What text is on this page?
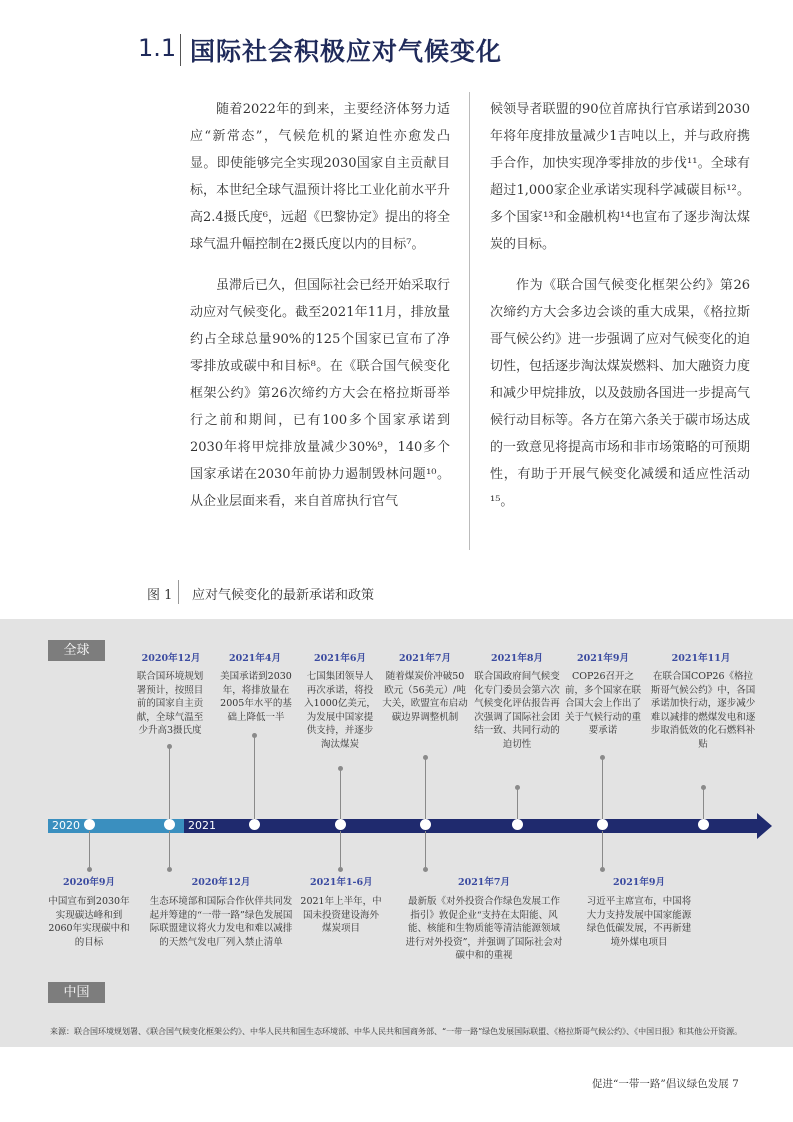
1.1 国际社会积极应对气候变化

随着2022年的到来，主要经济体努力适应“新常态”，气候危机的紧迫性亦愈发凸显。即使能够完全实现2030国家自主贡献目标，本世纪全球气温预计将比工业化前水平升高2.4摄氏度⁶，远超《巴黎协定》提出的将全球气温升幅控制在2摄氏度以内的目标⁷。

虽滞后已久，但国际社会已经开始采取行动应对气候变化。截至2021年11月，排放量约占全球总量90%的125个国家已宣布了净零排放或碳中和目标⁸。在《联合国气候变化框架公约》第26次缔约方大会在格拉斯哥举行之前和期间，已有100多个国家承诺到2030年将甲烷排放量减少30%⁹，140多个国家承诺在2030年前协力遏制毁林问题¹⁰。从企业层面来看，来自首席执行官气

候领导者联盟的90位首席执行官承诺到2030年将年度排放量减少1吉吨以上，并与政府携手合作，加快实现净零排放的步伐¹¹。全球有超过1,000家企业承诺实现科学减碳目标¹²。多个国家¹³和金融机构¹⁴也宣布了逐步淘汰煤炭的目标。

作为《联合国气候变化框架公约》第26次缔约方大会多边会谈的重大成果，《格拉斯哥气候公约》进一步强调了应对气候变化的迫切性，包括逐步淘汰煤炭燃料、加大融资力度和减少甲烷排放，以及鼓励各国进一步提高气候行动目标等。各方在第六条关于碳市场达成的一致意见将提高市场和非市场策略的可预期性，有助于开展气候变化减缓和适应性活动¹⁵。

图 1 应对气候变化的最新承诺和政策
全球
中国
2020年12月
联合国环境规划署预计，按照目前的国家自主贡献，全球气温至少升高3摄氏度
2021年4月
美国承诺到2030年，将排放量在2005年水平的基础上降低一半
2021年6月
七国集团领导人再次承诺，将投入1000亿美元，为发展中国家提供支持，并逐步淘汰煤炭
2021年7月
随着煤炭价冲破50欧元（56美元）/吨大关，欧盟宣布启动碳边界调整机制
2021年8月
联合国政府间气候变化专门委员会第六次气候变化评估报告再次强调了国际社会团结一致、共同行动的迫切性
2021年9月
COP26召开之前，多个国家在联合国大会上作出了关于气候行动的重要承诺
2021年11月
在联合国COP26《格拉斯哥气候公约》中，各国承诺加快行动，逐步减少难以减排的燃煤发电和逐步取消低效的化石燃料补贴
2020	2021
2020年9月
中国宣布到2030年实现碳达峰和到2060年实现碳中和的目标
2020年12月
生态环境部和国际合作伙伴共同发起并筹建的“一带一路”绿色发展国际联盟建议将火力发电和难以减排的天然气发电厂列入禁止清单
2021年1-6月
2021年上半年，中国未投资建设海外煤炭项目
2021年7月
最新版《对外投资合作绿色发展工作指引》敦促企业“支持在太阳能、风能、核能和生物质能等清洁能源领域进行对外投资”，并强调了国际社会对碳中和的重视
2021年9月
习近平主席宣布，中国将大力支持发展中国家能源绿色低碳发展，不再新建境外煤电项目
来源：联合国环境规划署、《联合国气候变化框架公约》、中华人民共和国生态环境部、中华人民共和国商务部、“一带一路”绿色发展国际联盟、《格拉斯哥气候公约》、《中国日报》和其他公开资源。
促进“一带一路”倡议绿色发展 7
